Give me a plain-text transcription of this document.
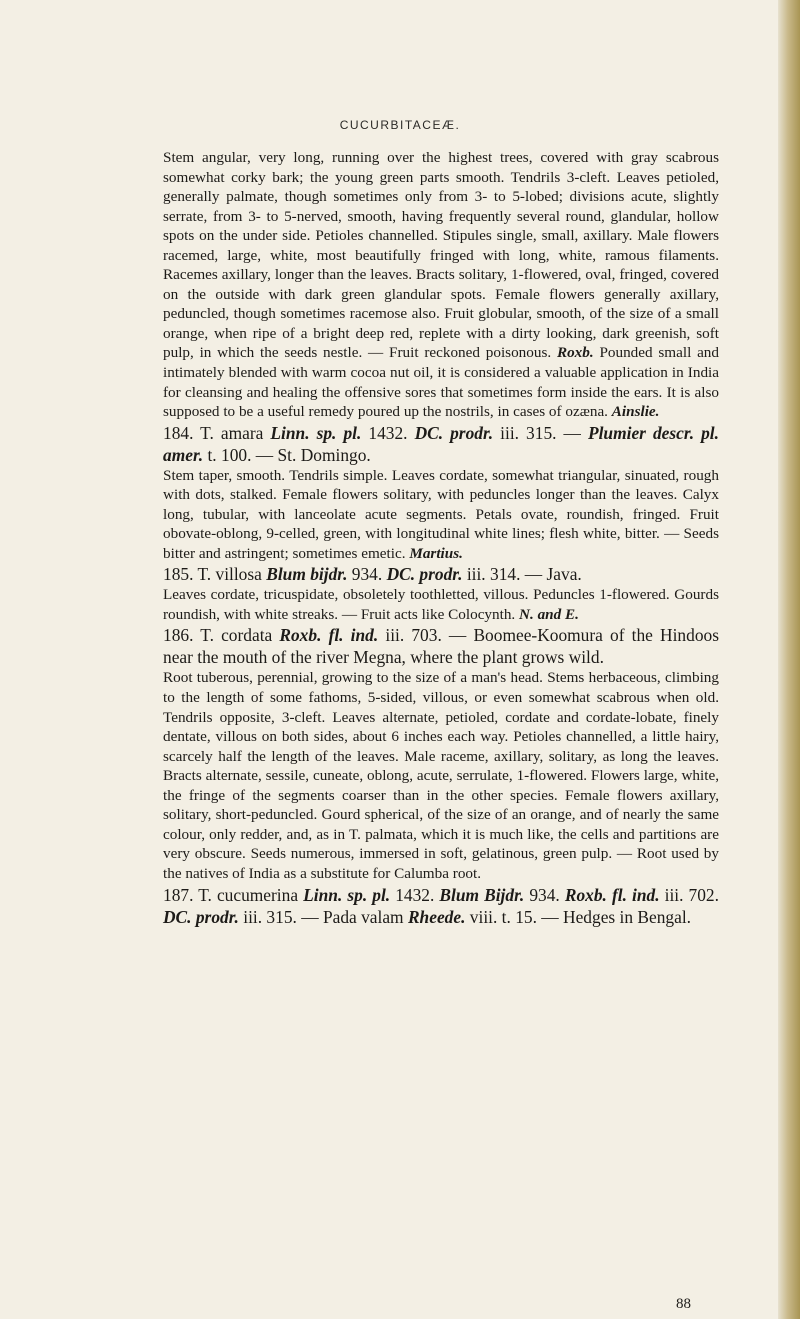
CUCURBITACEÆ.

Stem angular, very long, running over the highest trees, covered with gray scabrous somewhat corky bark; the young green parts smooth. Tendrils 3-cleft. Leaves petioled, generally palmate, though sometimes only from 3- to 5-lobed; divisions acute, slightly serrate, from 3- to 5-nerved, smooth, having frequently several round, glandular, hollow spots on the under side. Petioles channelled. Stipules single, small, axillary. Male flowers racemed, large, white, most beautifully fringed with long, white, ramous filaments. Racemes axillary, longer than the leaves. Bracts solitary, 1-flowered, oval, fringed, covered on the outside with dark green glandular spots. Female flowers generally axillary, peduncled, though sometimes racemose also. Fruit globular, smooth, of the size of a small orange, when ripe of a bright deep red, replete with a dirty looking, dark greenish, soft pulp, in which the seeds nestle. — Fruit reckoned poisonous. Roxb. Pounded small and intimately blended with warm cocoa nut oil, it is considered a valuable application in India for cleansing and healing the offensive sores that sometimes form inside the ears. It is also supposed to be a useful remedy poured up the nostrils, in cases of ozæna. Ainslie.

184. T. amara Linn. sp. pl. 1432. DC. prodr. iii. 315. — Plumier descr. pl. amer. t. 100. — St. Domingo.

Stem taper, smooth. Tendrils simple. Leaves cordate, somewhat triangular, sinuated, rough with dots, stalked. Female flowers solitary, with peduncles longer than the leaves. Calyx long, tubular, with lanceolate acute segments. Petals ovate, roundish, fringed. Fruit obovate-oblong, 9-celled, green, with longitudinal white lines; flesh white, bitter. — Seeds bitter and astringent; sometimes emetic. Martius.

185. T. villosa Blum bijdr. 934. DC. prodr. iii. 314. — Java.

Leaves cordate, tricuspidate, obsoletely toothletted, villous. Peduncles 1-flowered. Gourds roundish, with white streaks. — Fruit acts like Colocynth. N. and E.

186. T. cordata Roxb. fl. ind. iii. 703. — Boomee-Koomura of the Hindoos near the mouth of the river Megna, where the plant grows wild.

Root tuberous, perennial, growing to the size of a man's head. Stems herbaceous, climbing to the length of some fathoms, 5-sided, villous, or even somewhat scabrous when old. Tendrils opposite, 3-cleft. Leaves alternate, petioled, cordate and cordate-lobate, finely dentate, villous on both sides, about 6 inches each way. Petioles channelled, a little hairy, scarcely half the length of the leaves. Male raceme, axillary, solitary, as long the leaves. Bracts alternate, sessile, cuneate, oblong, acute, serrulate, 1-flowered. Flowers large, white, the fringe of the segments coarser than in the other species. Female flowers axillary, solitary, short-peduncled. Gourd spherical, of the size of an orange, and of nearly the same colour, only redder, and, as in T. palmata, which it is much like, the cells and partitions are very obscure. Seeds numerous, immersed in soft, gelatinous, green pulp. — Root used by the natives of India as a substitute for Calumba root.

187. T. cucumerina Linn. sp. pl. 1432. Blum Bijdr. 934. Roxb. fl. ind. iii. 702. DC. prodr. iii. 315. — Pada valam Rheede. viii. t. 15. — Hedges in Bengal.

88
